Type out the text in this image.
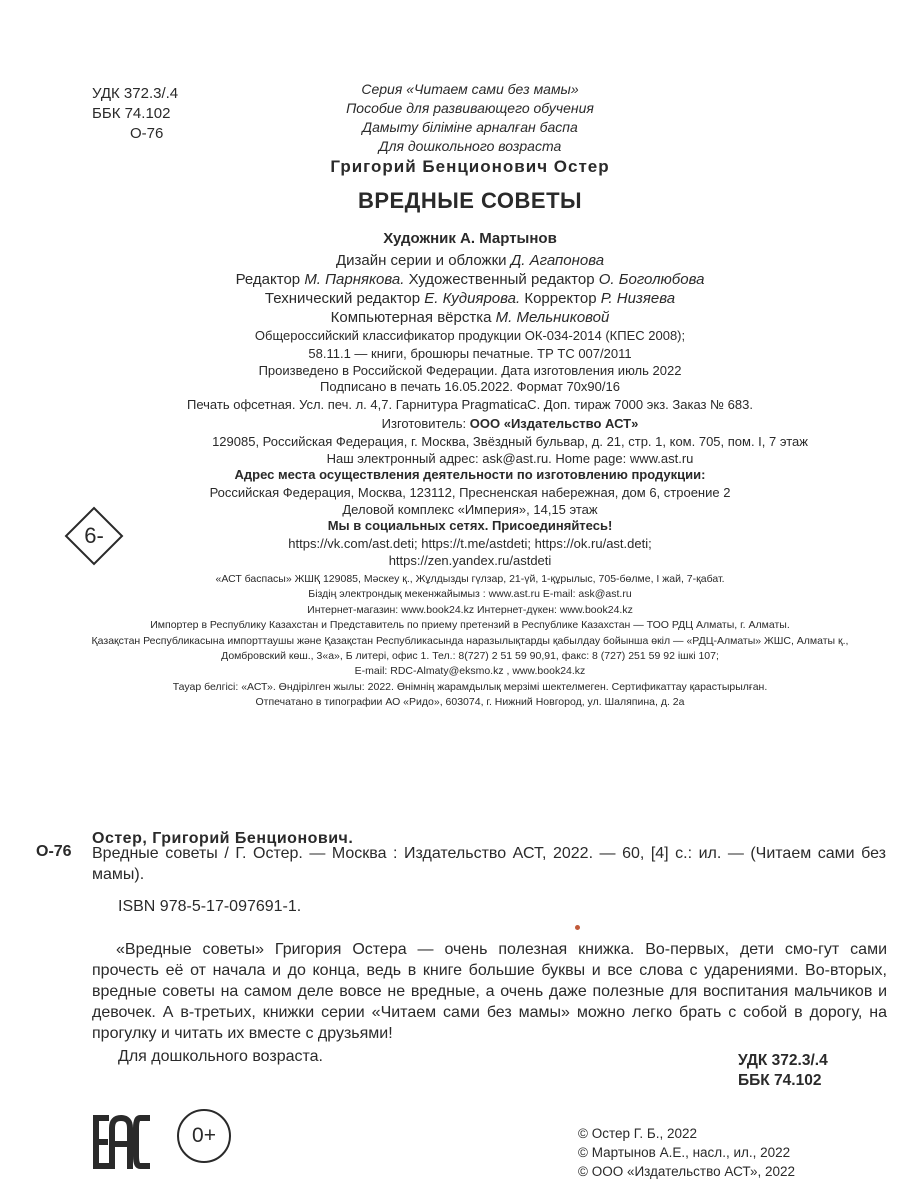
УДК 372.3/.4
ББК 74.102
О-76
Серия «Читаем сами без мамы»
Пособие для развивающего обучения
Дамыту біліміне арналған баспа
Для дошкольного возраста
Григорий Бенционович Остер
ВРЕДНЫЕ СОВЕТЫ
Художник А. Мартынов
Дизайн серии и обложки Д. Агапонова
Редактор М. Парнякова. Художественный редактор О. Боголюбова
Технический редактор Е. Кудиярова. Корректор Р. Низяева
Компьютерная вёрстка М. Мельниковой
Общероссийский классификатор продукции ОК-034-2014 (КПЕС 2008);
58.11.1 — книги, брошюры печатные. ТР ТС 007/2011
Произведено в Российской Федерации. Дата изготовления июль 2022
Подписано в печать 16.05.2022. Формат 70х90/16
Печать офсетная. Усл. печ. л. 4,7. Гарнитура PragmaticaC. Доп. тираж 7000 экз. Заказ № 683.
Изготовитель: ООО «Издательство АСТ»
129085, Российская Федерация, г. Москва, Звёздный бульвар, д. 21, стр. 1, ком. 705, пом. I, 7 этаж
Наш электронный адрес: ask@ast.ru. Home page: www.ast.ru
Адрес места осуществления деятельности по изготовлению продукции:
Российская Федерация, Москва, 123112, Пресненская набережная, дом 6, строение 2
Деловой комплекс «Империя», 14,15 этаж
6-	Мы в социальных сетях. Присоединяйтесь!
https://vk.com/ast.deti; https://t.me/astdeti; https://ok.ru/ast.deti;
https://zen.yandex.ru/astdeti
«АСТ баспасы» ЖШҚ 129085, Мәскеу қ., Жұлдызды гүлзар, 21-үй, 1-құрылыс, 705-бөлме, I жай, 7-қабат.
Біздің электрондық мекенжайымыз : www.ast.ru E-mail: ask@ast.ru
Интернет-магазин: www.book24.kz Интернет-дүкен: www.book24.kz
Импортер в Республику Казахстан и Представитель по приему претензий в Республике Казахстан — ТОО РДЦ Алматы, г. Алматы.
Қазақстан Республикасына импорттаушы және Қазақстан Республикасында наразылықтарды қабылдау бойынша өкіл — «РДЦ-Алматы» ЖШС, Алматы қ.,
Домбровский көш., 3«а», Б литері, офис 1. Тел.: 8(727) 2 51 59 90,91, факс: 8 (727) 251 59 92 ішкі 107;
E-mail: RDC-Almaty@eksmo.kz , www.book24.kz
Тауар белгісі: «АСТ». Өндірілген жылы: 2022. Өнімнің жарамдылық мерзімі шектелмеген. Сертификаттау қарастырылған.
Отпечатано в типографии АО «Ридо», 603074, г. Нижний Новгород, ул. Шаляпина, д. 2а
Остер, Григорий Бенционович.
О-76 Вредные советы / Г. Остер. — Москва : Издательство АСТ, 2022. — 60, [4] с.: ил. — (Читаем сами без мамы).
ISBN 978-5-17-097691-1.
«Вредные советы» Григория Остера — очень полезная книжка. Во-первых, дети смо-гут сами прочесть её от начала и до конца, ведь в книге большие буквы и все слова с ударениями. Во-вторых, вредные советы на самом деле вовсе не вредные, а очень даже полезные для воспитания мальчиков и девочек. А в-третьих, книжки серии «Читаем сами без мамы» можно легко брать с собой в дорогу, на прогулку и читать их вместе с друзьями!
Для дошкольного возраста.	УДК 372.3/.4
ББК 74.102
0+	© Остер Г. Б., 2022
© Мартынов А.Е., насл., ил., 2022
© ООО «Издательство АСТ», 2022
